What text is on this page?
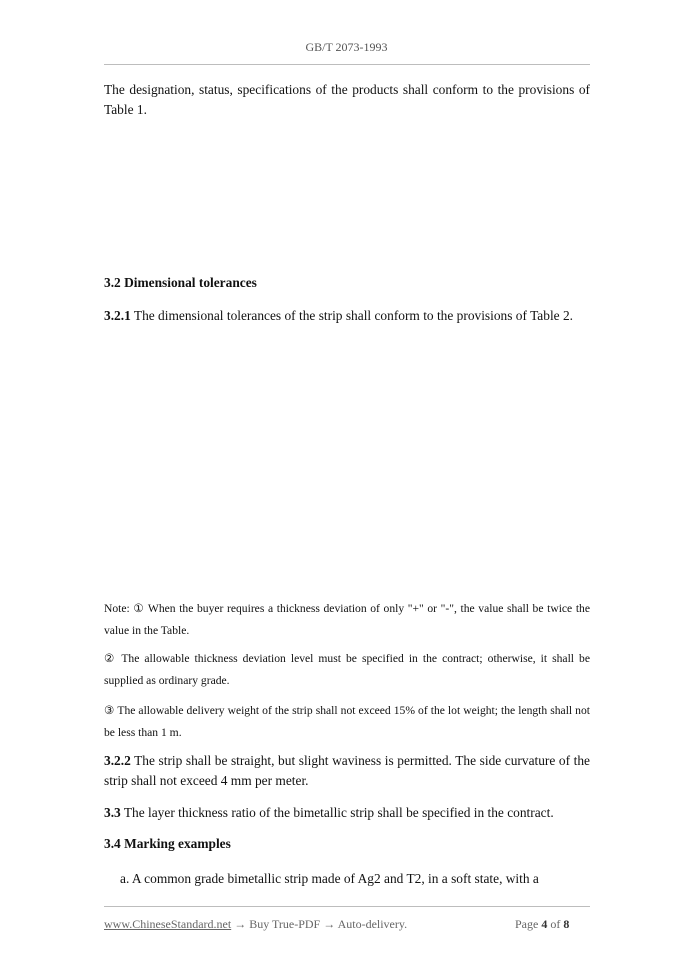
GB/T 2073-1993

The designation, status, specifications of the products shall conform to the provisions of Table 1.

3.2 Dimensional tolerances

3.2.1 The dimensional tolerances of the strip shall conform to the provisions of Table 2.

Note: ① When the buyer requires a thickness deviation of only "+" or "-", the value shall be twice the value in the Table.

② The allowable thickness deviation level must be specified in the contract; otherwise, it shall be supplied as ordinary grade.

③ The allowable delivery weight of the strip shall not exceed 15% of the lot weight; the length shall not be less than 1 m.

3.2.2 The strip shall be straight, but slight waviness is permitted. The side curvature of the strip shall not exceed 4 mm per meter.

3.3 The layer thickness ratio of the bimetallic strip shall be specified in the contract.

3.4 Marking examples

a. A common grade bimetallic strip made of Ag2 and T2, in a soft state, with a

www.ChineseStandard.net → Buy True-PDF → Auto-delivery.	Page 4 of 8
